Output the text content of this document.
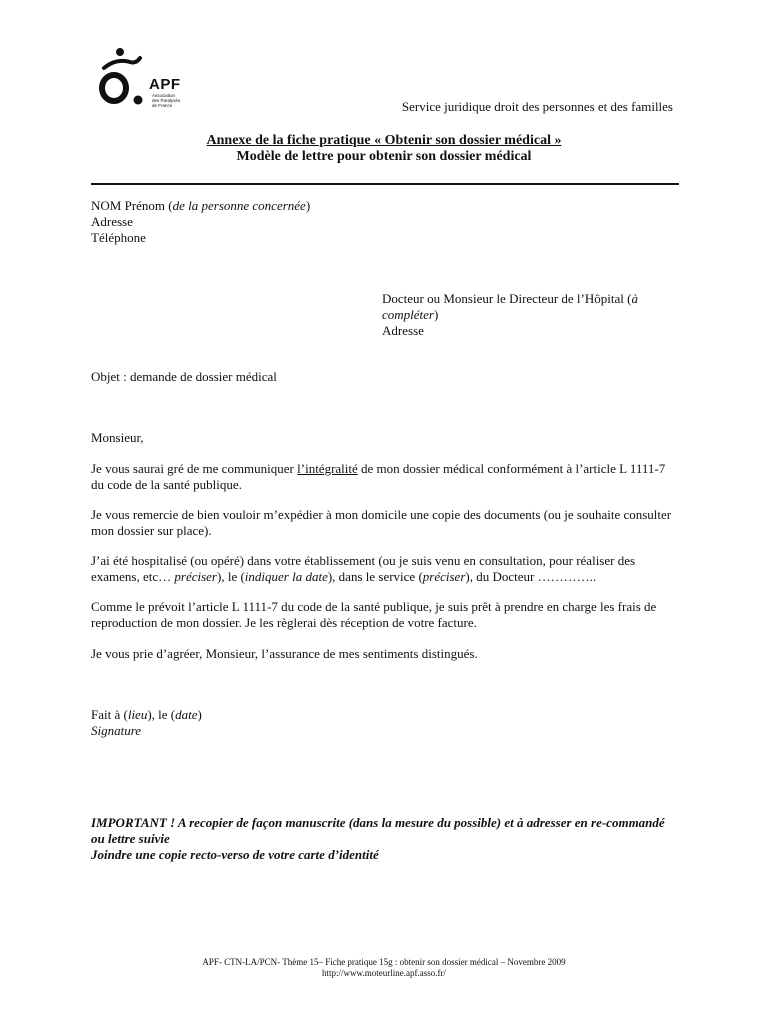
APF
Association
des Paralysés
de France	Service juridique droit des personnes et des familles
Annexe de la fiche pratique « Obtenir son dossier médical »
Modèle de lettre pour obtenir son dossier médical
NOM Prénom (de la personne concernée)
Adresse
Téléphone
Docteur ou Monsieur le Directeur de l’Hôpital (à compléter)
Adresse
Objet : demande de dossier médical
Monsieur,
Je vous saurai gré de me communiquer l’intégralité de mon dossier médical conformément à l’article L 1111-7 du code de la santé publique.
Je vous remercie de bien vouloir m’expédier à mon domicile une copie des documents (ou je souhaite consulter mon dossier sur place).
J’ai été hospitalisé (ou opéré) dans votre établissement (ou je suis venu en consultation, pour réaliser des examens, etc… préciser), le (indiquer la date), dans le service (préciser), du Docteur …………..
Comme le prévoit l’article L 1111-7 du code de la santé publique, je suis prêt à prendre en charge les frais de reproduction de mon dossier. Je les règlerai dès réception de votre facture.
Je vous prie d’agréer, Monsieur, l’assurance de mes sentiments distingués.
Fait à (lieu), le (date)
Signature
IMPORTANT ! A recopier de façon manuscrite (dans la mesure du possible) et à adresser en re-commandé ou lettre suivie
Joindre une copie recto-verso de votre carte d’identité
APF- CTN-LA/PCN- Thème 15– Fiche pratique 15g : obtenir son dossier médical – Novembre 2009
http://www.moteurline.apf.asso.fr/
